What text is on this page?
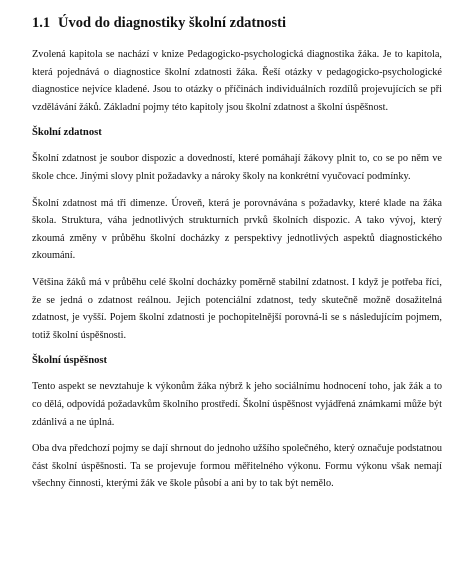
1.1 Úvod do diagnostiky školní zdatnosti

Zvolená kapitola se nachází v knize Pedagogicko-psychologická diagnostika žáka. Je to kapitola, která pojednává o diagnostice školní zdatnosti žáka. Řeší otázky v pedagogicko-psychologické diagnostice nejvíce kladené. Jsou to otázky o příčinách individuálních rozdílů projevujících se při vzdělávání žáků. Základní pojmy této kapitoly jsou školní zdatnost a školní úspěšnost.

Školní zdatnost

Školní zdatnost je soubor dispozic a dovedností, které pomáhají žákovy plnit to, co se po něm ve škole chce. Jinými slovy plnit požadavky a nároky školy na konkrétní vyučovací podmínky.

Školní zdatnost má tři dimenze. Úroveň, která je porovnávána s požadavky, které klade na žáka škola. Struktura, váha jednotlivých strukturních prvků školních dispozic. A tako vývoj, který zkoumá změny v průběhu školní docházky z perspektivy jednotlivých aspektů diagnostického zkoumání.

Většina žáků má v průběhu celé školní docházky poměrně stabilní zdatnost. I když je potřeba říci, že se jedná o zdatnost reálnou. Jejich potenciální zdatnost, tedy skutečně možně dosažitelná zdatnost, je vyšší. Pojem školní zdatnosti je pochopitelnější porovná-li se s následujícím pojmem, totiž školní úspěšnosti.

Školní úspěšnost

Tento aspekt se nevztahuje k výkonům žáka nýbrž k jeho sociálnímu hodnocení toho, jak žák a to co dělá, odpovídá požadavkům školního prostředí. Školní úspěšnost vyjádřená známkami může být zdánlivá a ne úplná.

Oba dva předchozí pojmy se dají shrnout do jednoho užšího společného, který označuje podstatnou část školní úspěšnosti. Ta se projevuje formou měřitelného výkonu. Formu výkonu však nemají všechny činnosti, kterými žák ve škole působí a ani by to tak být nemělo.
